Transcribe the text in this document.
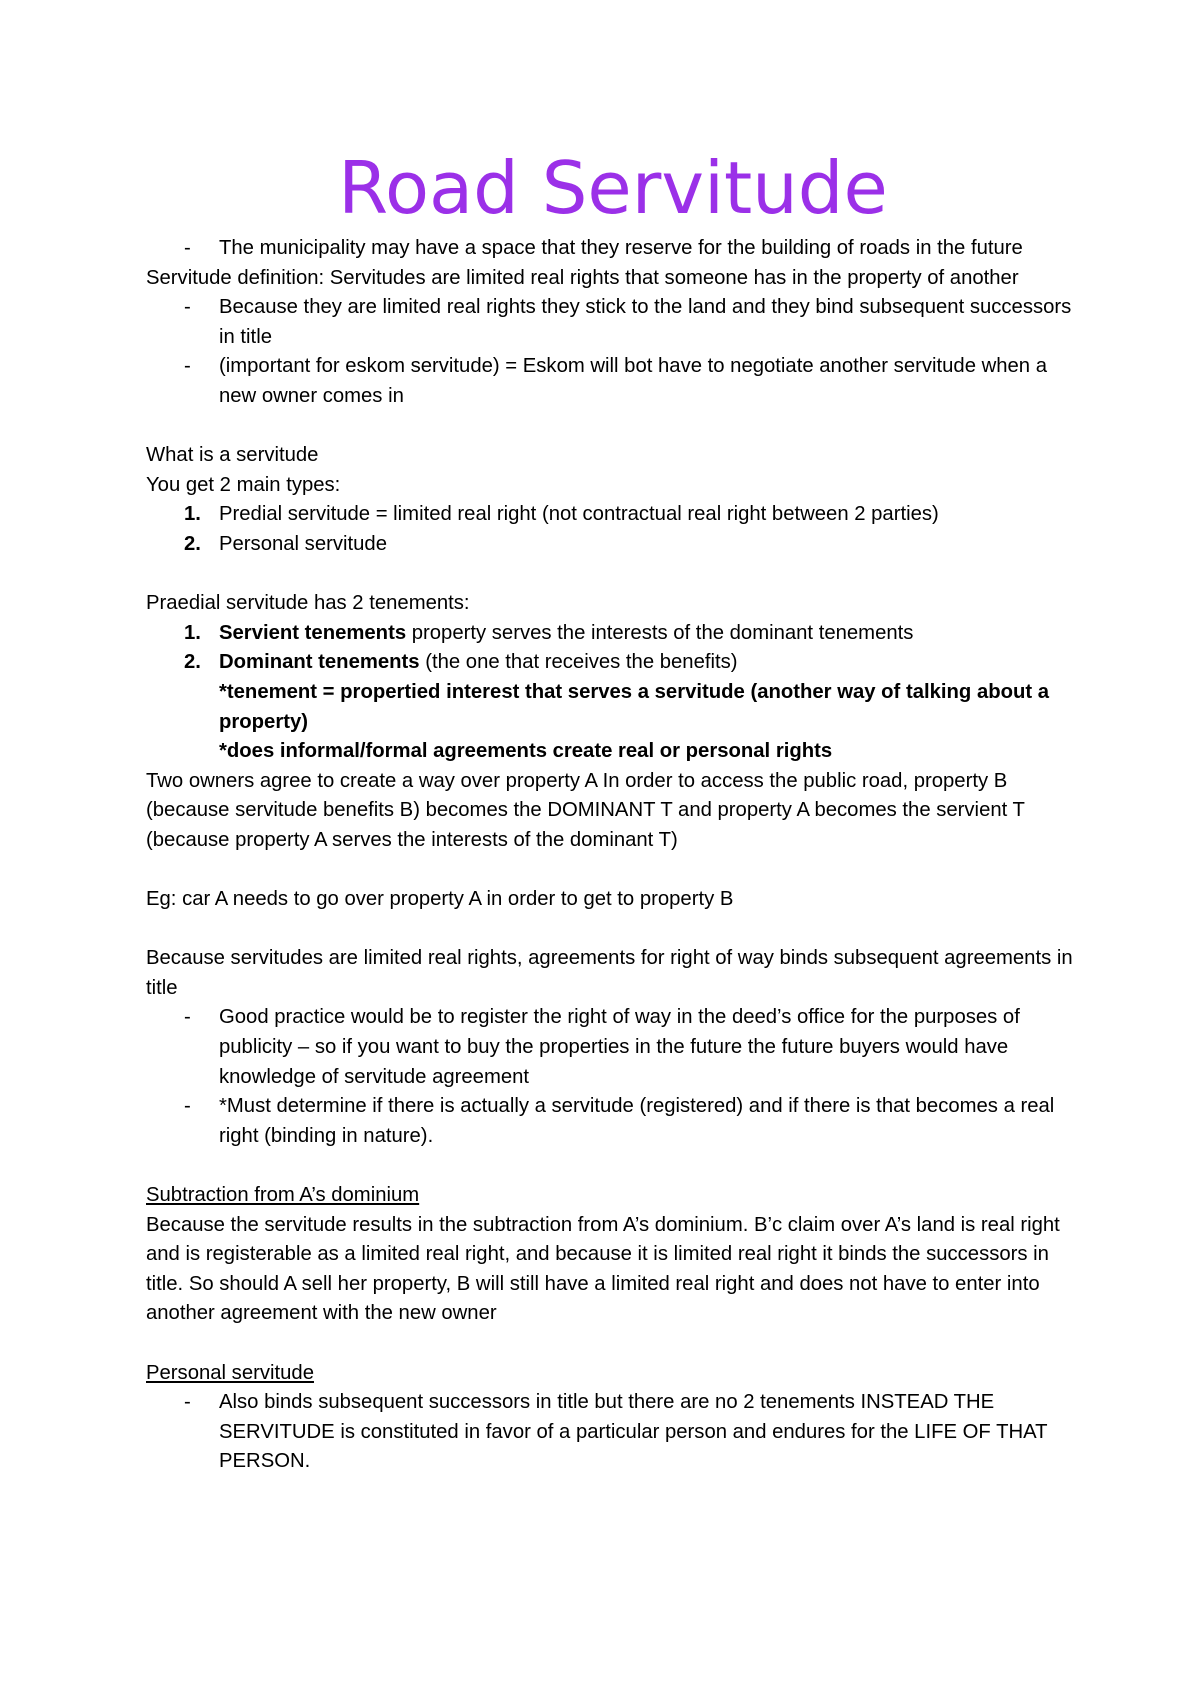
Road Servitude
- The municipality may have a space that they reserve for the building of roads in the future
Servitude definition: Servitudes are limited real rights that someone has in the property of another
- Because they are limited real rights they stick to the land and they bind subsequent successors in title
- (important for eskom servitude) = Eskom will bot have to negotiate another servitude when a new owner comes in
What is a servitude
You get 2 main types:
1. Predial servitude = limited real right (not contractual real right between 2 parties)
2. Personal servitude
Praedial servitude has 2 tenements:
1. Servient tenements property serves the interests of the dominant tenements
2. Dominant tenements (the one that receives the benefits)
*tenement = propertied interest that serves a servitude (another way of talking about a property)
*does informal/formal agreements create real or personal rights
Two owners agree to create a way over property A In order to access the public road, property B (because servitude benefits B) becomes the DOMINANT T and property A becomes the servient T (because property A serves the interests of the dominant T)
Eg: car A needs to go over property A in order to get to property B
Because servitudes are limited real rights, agreements for right of way binds subsequent agreements in title
- Good practice would be to register the right of way in the deed’s office for the purposes of publicity – so if you want to buy the properties in the future the future buyers would have knowledge of servitude agreement
- *Must determine if there is actually a servitude (registered) and if there is that becomes a real right (binding in nature).
Subtraction from A’s dominium
Because the servitude results in the subtraction from A’s dominium. B’c claim over A’s land is real right and is registerable as a limited real right, and because it is limited real right it binds the successors in title. So should A sell her property, B will still have a limited real right and does not have to enter into another agreement with the new owner
Personal servitude
- Also binds subsequent successors in title but there are no 2 tenements INSTEAD THE SERVITUDE is constituted in favor of a particular person and endures for the LIFE OF THAT PERSON.
